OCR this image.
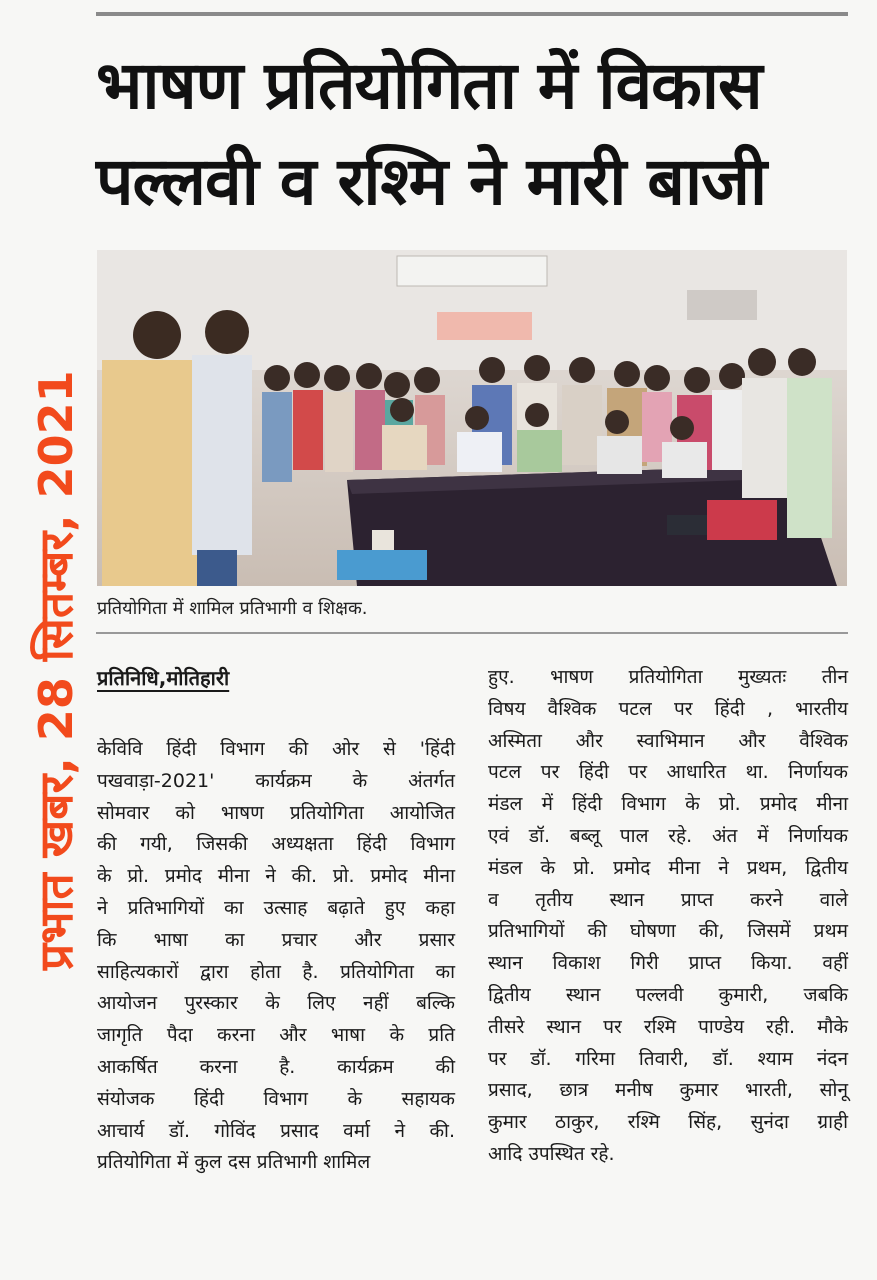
भाषण प्रतियोगिता में विकास
पल्लवी व रश्मि ने मारी बाजी
प्रभात खबर, 28 सितम्बर, 2021 प्रतियोगिता में शामिल प्रतिभागी व शिक्षक.
प्रतिनिधि,मोतिहारी
केविवि हिंदी विभाग की ओर से 'हिंदी
पखवाड़ा-2021' कार्यक्रम के अंतर्गत
सोमवार को भाषण प्रतियोगिता आयोजित
की गयी, जिसकी अध्यक्षता हिंदी विभाग
के प्रो. प्रमोद मीना ने की. प्रो. प्रमोद मीना
ने प्रतिभागियों का उत्साह बढ़ाते हुए कहा
कि भाषा का प्रचार और प्रसार
साहित्यकारों द्वारा होता है. प्रतियोगिता का
आयोजन पुरस्कार के लिए नहीं बल्कि
जागृति पैदा करना और भाषा के प्रति
आकर्षित करना है. कार्यक्रम की
संयोजक हिंदी विभाग के सहायक
आचार्य डॉ. गोविंद प्रसाद वर्मा ने की.
प्रतियोगिता में कुल दस प्रतिभागी शामिल
हुए. भाषण प्रतियोगिता मुख्यतः तीन
विषय वैश्विक पटल पर हिंदी , भारतीय
अस्मिता और स्वाभिमान और वैश्विक
पटल पर हिंदी पर आधारित था. निर्णायक
मंडल में हिंदी विभाग के प्रो. प्रमोद मीना
एवं डॉ. बब्लू पाल रहे. अंत में निर्णायक
मंडल के प्रो. प्रमोद मीना ने प्रथम, द्वितीय
व तृतीय स्थान प्राप्त करने वाले
प्रतिभागियों की घोषणा की, जिसमें प्रथम
स्थान विकाश गिरी प्राप्त किया. वहीं
द्वितीय स्थान पल्लवी कुमारी, जबकि
तीसरे स्थान पर रश्मि पाण्डेय रही. मौके
पर डॉ. गरिमा तिवारी, डॉ. श्याम नंदन
प्रसाद, छात्र मनीष कुमार भारती, सोनू
कुमार ठाकुर, रश्मि सिंह, सुनंदा ग्राही
आदि उपस्थित रहे.
